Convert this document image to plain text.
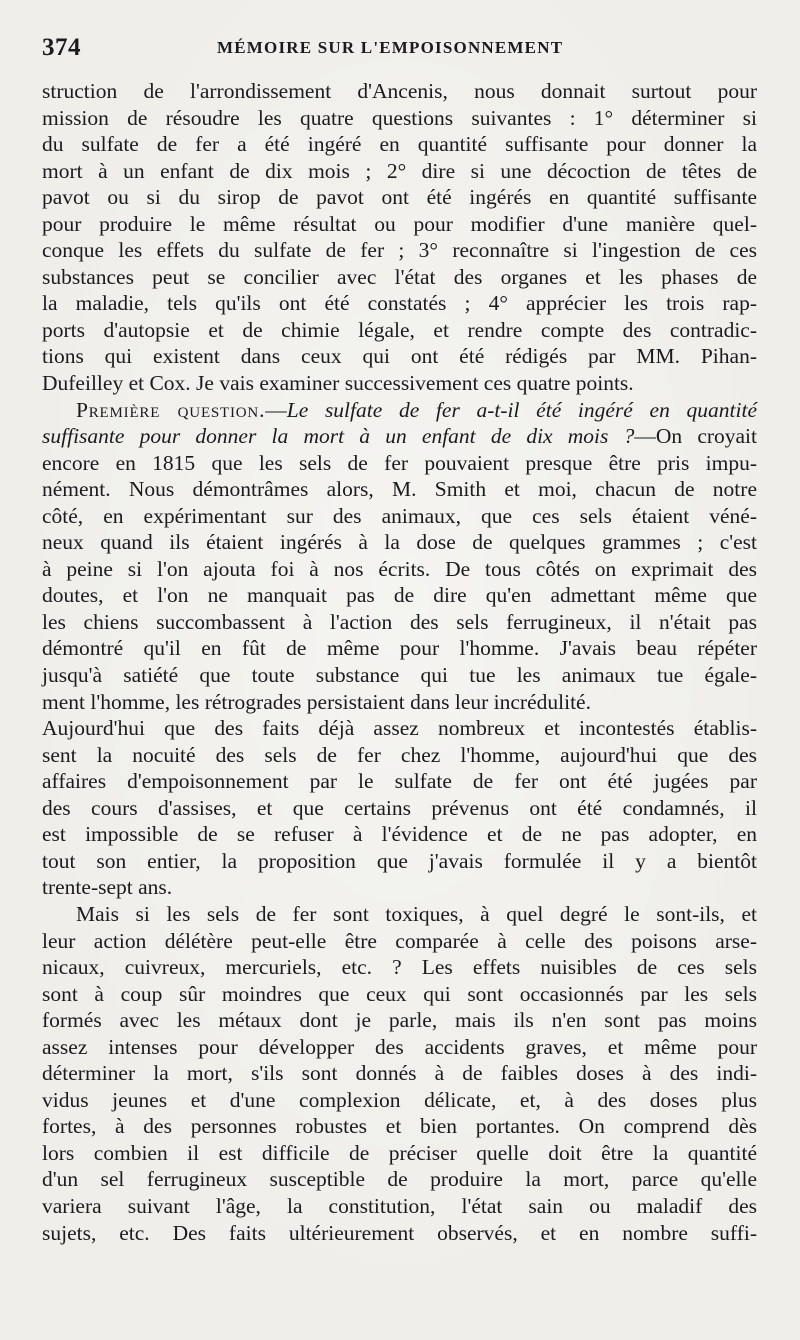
374	MÉMOIRE SUR L'EMPOISONNEMENT
struction de l'arrondissement d'Ancenis, nous donnait surtout pour
mission de résoudre les quatre questions suivantes : 1° déterminer si
du sulfate de fer a été ingéré en quantité suffisante pour donner la
mort à un enfant de dix mois ; 2° dire si une décoction de têtes de
pavot ou si du sirop de pavot ont été ingérés en quantité suffisante
pour produire le même résultat ou pour modifier d'une manière quel-
conque les effets du sulfate de fer ; 3° reconnaître si l'ingestion de ces
substances peut se concilier avec l'état des organes et les phases de
la maladie, tels qu'ils ont été constatés ; 4° apprécier les trois rap-
ports d'autopsie et de chimie légale, et rendre compte des contradic-
tions qui existent dans ceux qui ont été rédigés par MM. Pihan-
Dufeilley et Cox. Je vais examiner successivement ces quatre points.
Première question.—Le sulfate de fer a-t-il été ingéré en quantité
suffisante pour donner la mort à un enfant de dix mois ?—On croyait
encore en 1815 que les sels de fer pouvaient presque être pris impu-
nément. Nous démontrâmes alors, M. Smith et moi, chacun de notre
côté, en expérimentant sur des animaux, que ces sels étaient véné-
neux quand ils étaient ingérés à la dose de quelques grammes ; c'est
à peine si l'on ajouta foi à nos écrits. De tous côtés on exprimait des
doutes, et l'on ne manquait pas de dire qu'en admettant même que
les chiens succombassent à l'action des sels ferrugineux, il n'était pas
démontré qu'il en fût de même pour l'homme. J'avais beau répéter
jusqu'à satiété que toute substance qui tue les animaux tue égale-
ment l'homme, les rétrogrades persistaient dans leur incrédulité.
Aujourd'hui que des faits déjà assez nombreux et incontestés établis-
sent la nocuité des sels de fer chez l'homme, aujourd'hui que des
affaires d'empoisonnement par le sulfate de fer ont été jugées par
des cours d'assises, et que certains prévenus ont été condamnés, il
est impossible de se refuser à l'évidence et de ne pas adopter, en
tout son entier, la proposition que j'avais formulée il y a bientôt
trente-sept ans.
Mais si les sels de fer sont toxiques, à quel degré le sont-ils, et
leur action délétère peut-elle être comparée à celle des poisons arse-
nicaux, cuivreux, mercuriels, etc. ? Les effets nuisibles de ces sels
sont à coup sûr moindres que ceux qui sont occasionnés par les sels
formés avec les métaux dont je parle, mais ils n'en sont pas moins
assez intenses pour développer des accidents graves, et même pour
déterminer la mort, s'ils sont donnés à de faibles doses à des indi-
vidus jeunes et d'une complexion délicate, et, à des doses plus
fortes, à des personnes robustes et bien portantes. On comprend dès
lors combien il est difficile de préciser quelle doit être la quantité
d'un sel ferrugineux susceptible de produire la mort, parce qu'elle
variera suivant l'âge, la constitution, l'état sain ou maladif des
sujets, etc. Des faits ultérieurement observés, et en nombre suffi-
